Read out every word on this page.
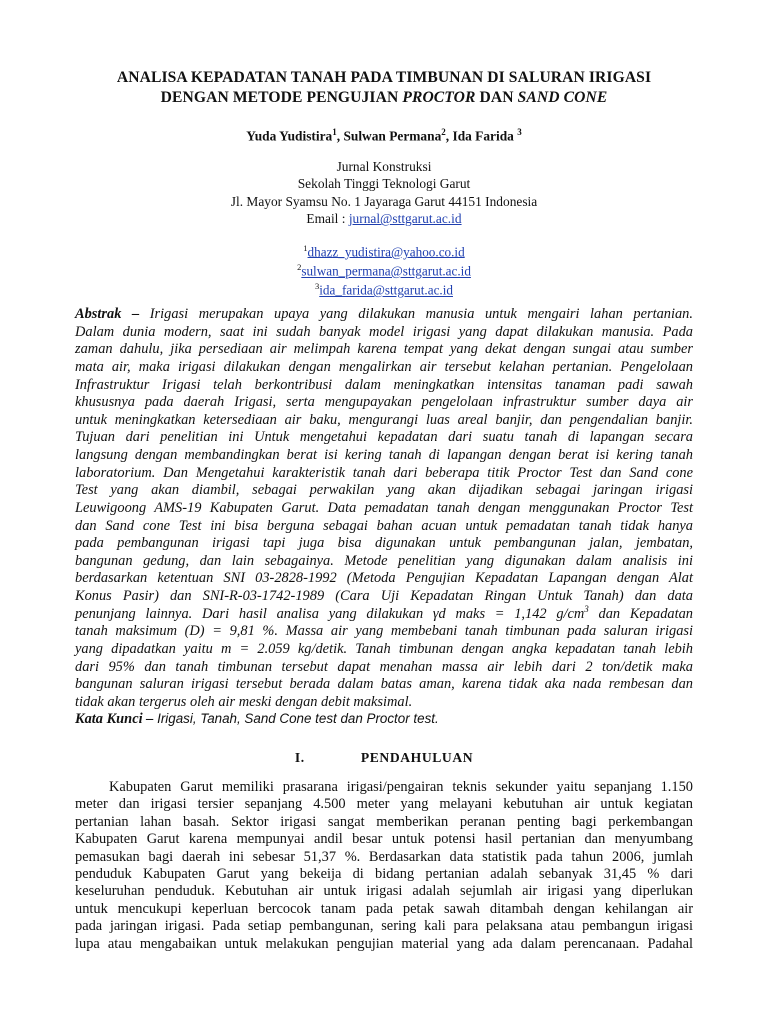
ANALISA KEPADATAN TANAH PADA TIMBUNAN DI SALURAN IRIGASI
DENGAN METODE PENGUJIAN PROCTOR DAN SAND CONE
Yuda Yudistira$^1$, Sulwan Permana$^2$, Ida Farida $^3$
Jurnal Konstruksi
Sekolah Tinggi Teknologi Garut
Jl. Mayor Syamsu No. 1 Jayaraga Garut 44151 Indonesia
Email : jurnal@sttgarut.ac.id
$^1$dhazz_yudistira@yahoo.co.id
$^2$sulwan_permana@sttgarut.ac.id
$^3$ida_farida@sttgarut.ac.id
Abstrak – Irigasi merupakan upaya yang dilakukan manusia untuk mengairi lahan pertanian.
Dalam dunia modern, saat ini sudah banyak model irigasi yang dapat dilakukan manusia. Pada
zaman dahulu, jika persediaan air melimpah karena tempat yang dekat dengan sungai atau sumber
mata air, maka irigasi dilakukan dengan mengalirkan air tersebut kelahan pertanian. Pengelolaan
Infrastruktur Irigasi telah berkontribusi dalam meningkatkan intensitas tanaman padi sawah
khususnya pada daerah Irigasi, serta mengupayakan pengelolaan infrastruktur sumber daya air
untuk meningkatkan ketersediaan air baku, mengurangi luas areal banjir, dan pengendalian banjir.
Tujuan dari penelitian ini Untuk mengetahui kepadatan dari suatu tanah di lapangan secara
langsung dengan membandingkan berat isi kering tanah di lapangan dengan berat isi kering tanah
laboratorium. Dan Mengetahui karakteristik tanah dari beberapa titik Proctor Test dan Sand cone
Test yang akan diambil, sebagai perwakilan yang akan dijadikan sebagai jaringan irigasi
Leuwigoong AMS-19 Kabupaten Garut. Data pemadatan tanah dengan menggunakan Proctor Test
dan Sand cone Test ini bisa berguna sebagai bahan acuan untuk pemadatan tanah tidak hanya
pada pembangunan irigasi tapi juga bisa digunakan untuk pembangunan jalan, jembatan,
bangunan gedung, dan lain sebagainya. Metode penelitian yang digunakan dalam analisis ini
berdasarkan ketentuan SNI 03-2828-1992 (Metoda Pengujian Kepadatan Lapangan dengan Alat
Konus Pasir) dan SNI-R-03-1742-1989 (Cara Uji Kepadatan Ringan Untuk Tanah) dan data
penunjang lainnya. Dari hasil analisa yang dilakukan γd maks = 1,142 $g/cm^3$ dan Kepadatan
tanah maksimum (D) = 9,81 %. Massa air yang membebani tanah timbunan pada saluran irigasi
yang dipadatkan yaitu m = 2.059 kg/detik. Tanah timbunan dengan angka kepadatan tanah lebih
dari 95% dan tanah timbunan tersebut dapat menahan massa air lebih dari 2 ton/detik maka
bangunan saluran irigasi tersebut berada dalam batas aman, karena tidak aka nada rembesan dan
tidak akan tergerus oleh air meski dengan debit maksimal.
Kata Kunci – Irigasi, Tanah, Sand Cone test dan Proctor test.
I.	PENDAHULUAN
Kabupaten Garut memiliki prasarana irigasi/pengairan teknis sekunder yaitu sepanjang 1.150
meter dan irigasi tersier sepanjang 4.500 meter yang melayani kebutuhan air untuk kegiatan
pertanian lahan basah. Sektor irigasi sangat memberikan peranan penting bagi perkembangan
Kabupaten Garut karena mempunyai andil besar untuk potensi hasil pertanian dan menyumbang
pemasukan bagi daerah ini sebesar 51,37 %. Berdasarkan data statistik pada tahun 2006, jumlah
penduduk Kabupaten Garut yang bekeija di bidang pertanian adalah sebanyak 31,45 % dari
keseluruhan penduduk. Kebutuhan air untuk irigasi adalah sejumlah air irigasi yang diperlukan
untuk mencukupi keperluan bercocok tanam pada petak sawah ditambah dengan kehilangan air
pada jaringan irigasi. Pada setiap pembangunan, sering kali para pelaksana atau pembangun irigasi
lupa atau mengabaikan untuk melakukan pengujian material yang ada dalam perencanaan. Padahal
